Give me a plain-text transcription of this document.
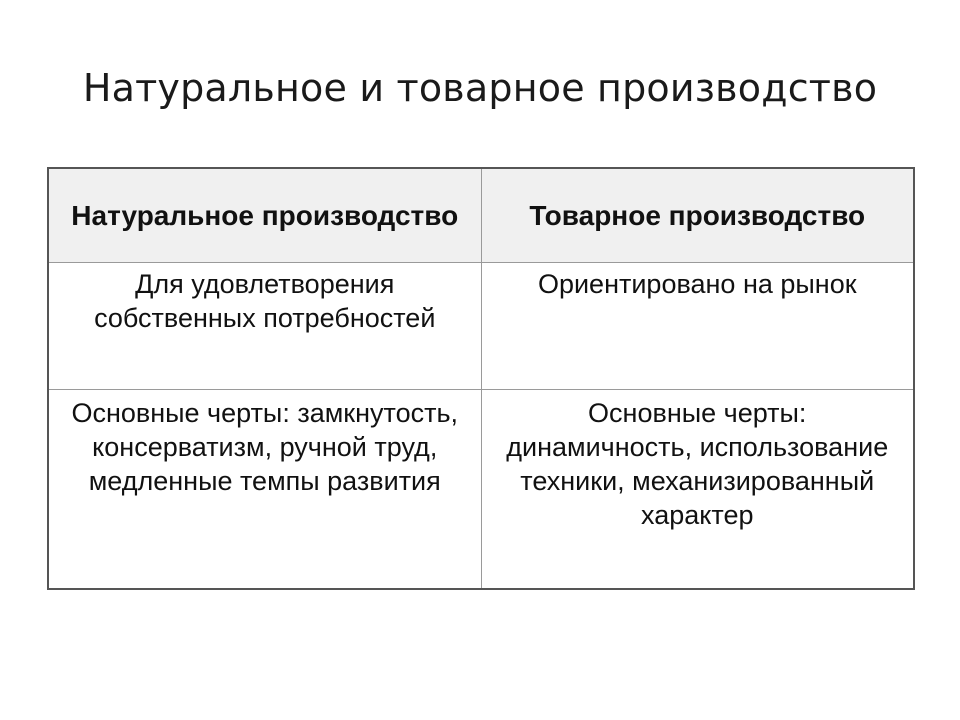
Натуральное и товарное производство
Натуральное производство	Товарное производство

Для удовлетворения собственных потребностей	Ориентировано на рынок

Основные черты: замкнутость, консерватизм, ручной труд, медленные темпы развития	Основные черты: динамичность, использование техники, механизированный характер
